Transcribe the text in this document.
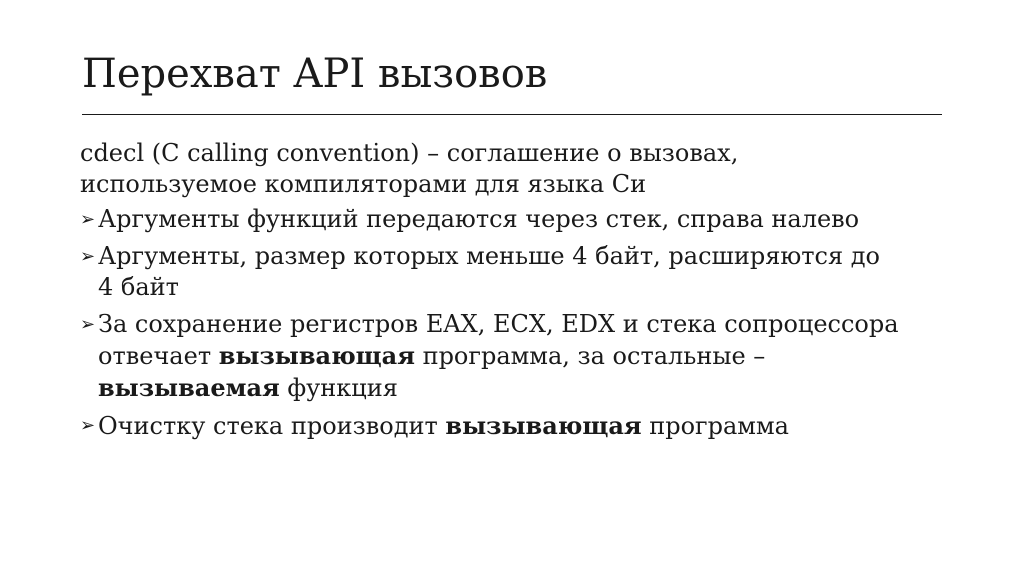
Перехват API вызовов
cdecl (C calling convention) – соглашение о вызовах,
используемое компиляторами для языка Си
➢ Аргументы функций передаются через стек, справа налево
➢ Аргументы, размер которых меньше 4 байт, расширяются до
4 байт
➢ За сохранение регистров EAX, ECX, EDX и стека сопроцессора
отвечает вызывающая программа, за остальные –
вызываемая функция
➢ Очистку стека производит вызывающая программа
